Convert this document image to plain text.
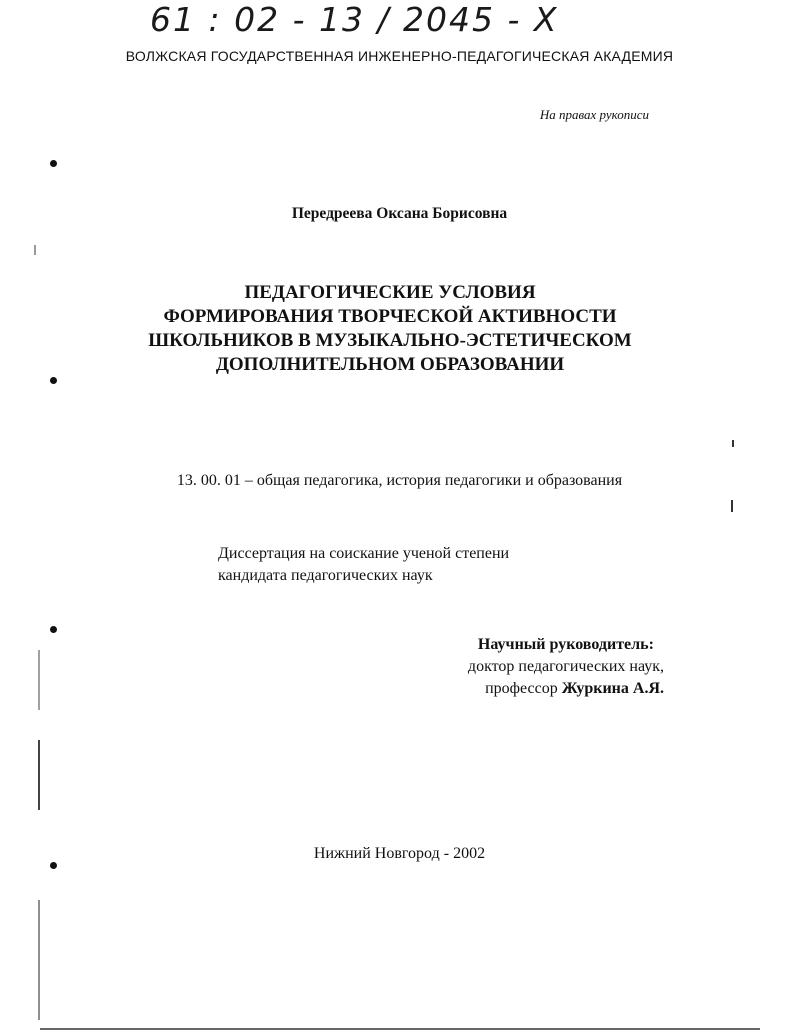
61 : 02 - 13 / 2045 - X
ВОЛЖСКАЯ ГОСУДАРСТВЕННАЯ ИНЖЕНЕРНО-ПЕДАГОГИЧЕСКАЯ АКАДЕМИЯ
На правах рукописи
Передреева Оксана Борисовна
ПЕДАГОГИЧЕСКИЕ УСЛОВИЯ
ФОРМИРОВАНИЯ ТВОРЧЕСКОЙ АКТИВНОСТИ
ШКОЛЬНИКОВ В МУЗЫКАЛЬНО-ЭСТЕТИЧЕСКОМ
ДОПОЛНИТЕЛЬНОМ ОБРАЗОВАНИИ
13. 00. 01 – общая педагогика, история педагогики и образования
Диссертация на соискание ученой степени
кандидата педагогических наук
Научный руководитель:
доктор педагогических наук,
профессор Журкина А.Я.
Нижний Новгород - 2002
